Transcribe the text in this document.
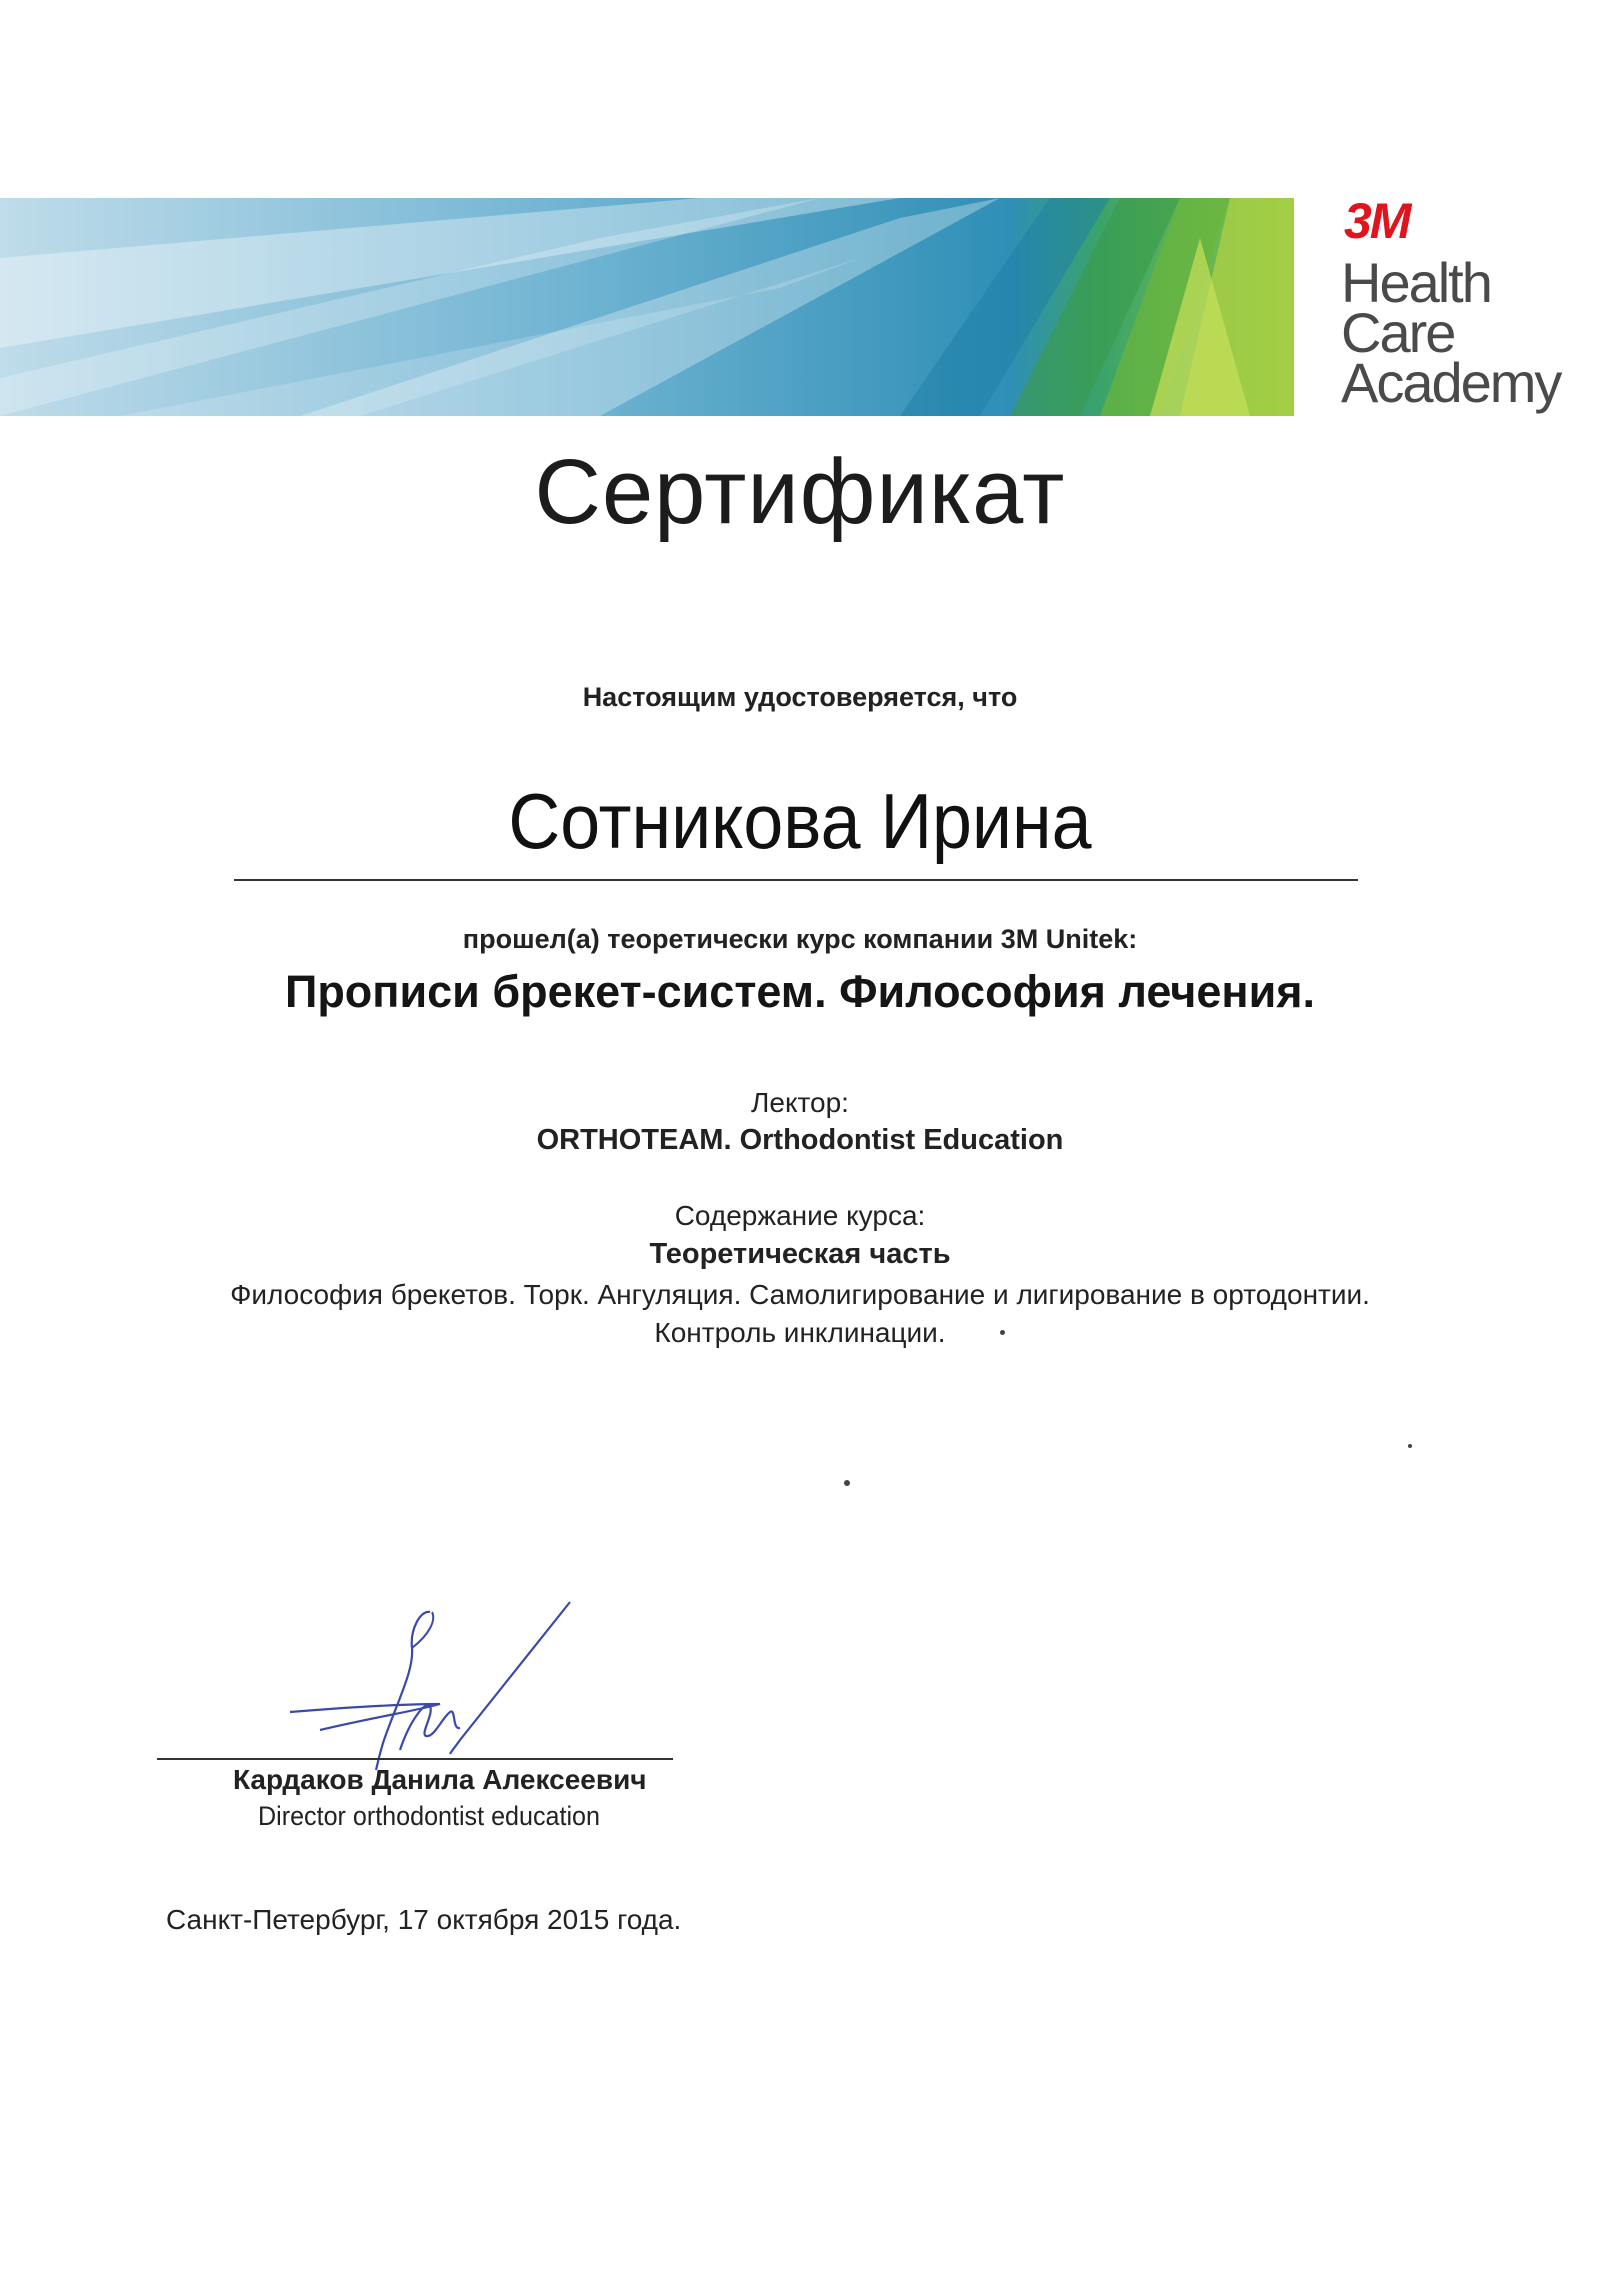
3M
Health
Care
Academy
Сертификат
Настоящим удостоверяется, что
Сотникова Ирина
прошел(а) теоретически курс компании 3М Unitek:
Прописи брекет-систем. Философия лечения.
Лектор:
ORTHOTEAM. Orthodontist Education
Содержание курса:
Теоретическая часть
Философия брекетов. Торк. Ангуляция. Самолигирование и лигирование в ортодонтии.
Контроль инклинации.
Кардаков Данила Алексеевич
Director orthodontist education
Санкт-Петербург, 17 октября 2015 года.
